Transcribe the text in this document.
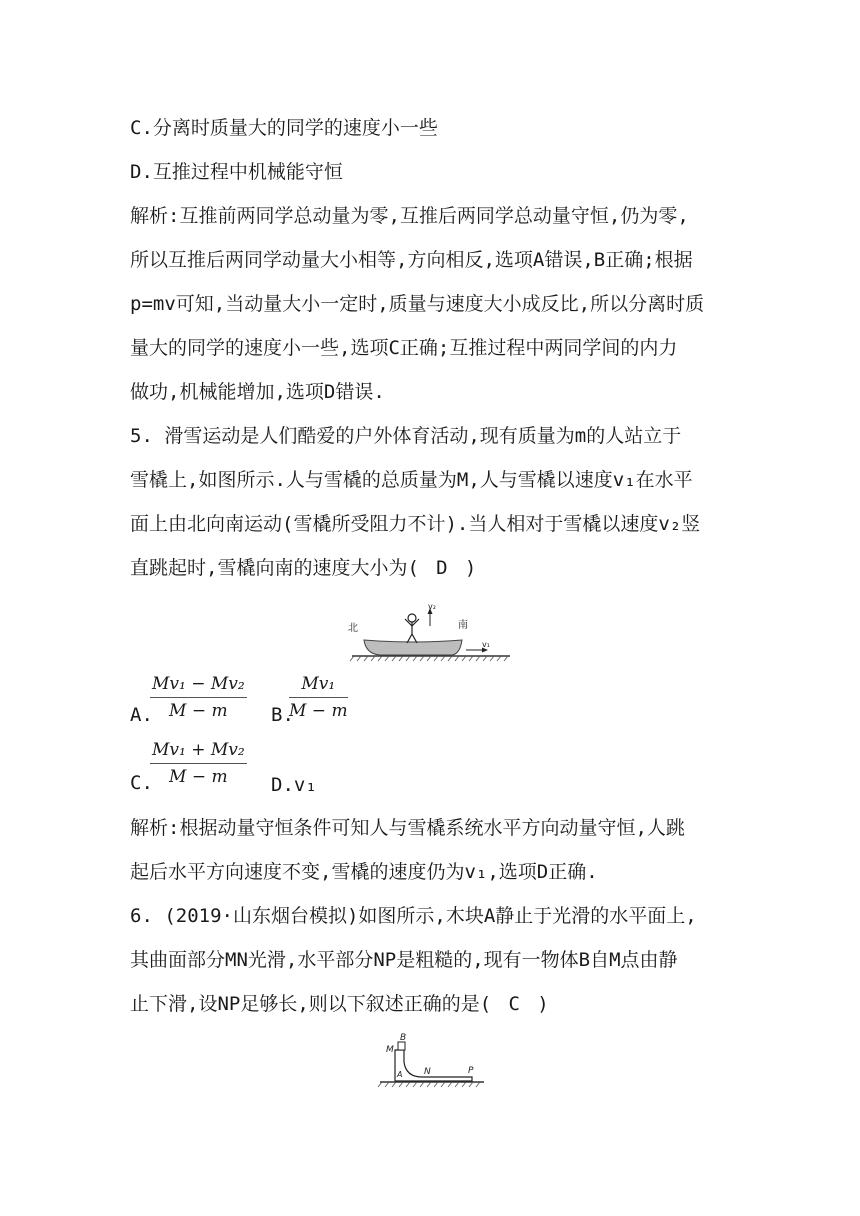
C.分离时质量大的同学的速度小一些
D.互推过程中机械能守恒
解析:互推前两同学总动量为零,互推后两同学总动量守恒,仍为零,
所以互推后两同学动量大小相等,方向相反,选项A错误,B正确;根据
p=mv可知,当动量大小一定时,质量与速度大小成反比,所以分离时质
量大的同学的速度小一些,选项C正确;互推过程中两同学间的内力
做功,机械能增加,选项D错误.
5. 滑雪运动是人们酷爱的户外体育活动,现有质量为m的人站立于
雪橇上,如图所示.人与雪橇的总质量为M,人与雪橇以速度v₁在水平
面上由北向南运动(雪橇所受阻力不计).当人相对于雪橇以速度v₂竖
直跳起时,雪橇向南的速度大小为( D )
v₂
v₁
北	南
A.
$\frac{\text{Mv₁ − Mv₂}}{M - m} B$.
$\frac{\text{Mv₁}}{M - m}$
C.
$\frac{\text{Mv₁ + Mv₂}}{M - m} D.v_1$
解析:根据动量守恒条件可知人与雪橇系统水平方向动量守恒,人跳
起后水平方向速度不变,雪橇的速度仍为v₁,选项D正确.
6. (2019·山东烟台模拟)如图所示,木块A静止于光滑的水平面上,
其曲面部分MN光滑,水平部分NP是粗糙的,现有一物体B自M点由静
止下滑,设NP足够长,则以下叙述正确的是( C )
M
B
A N	P
